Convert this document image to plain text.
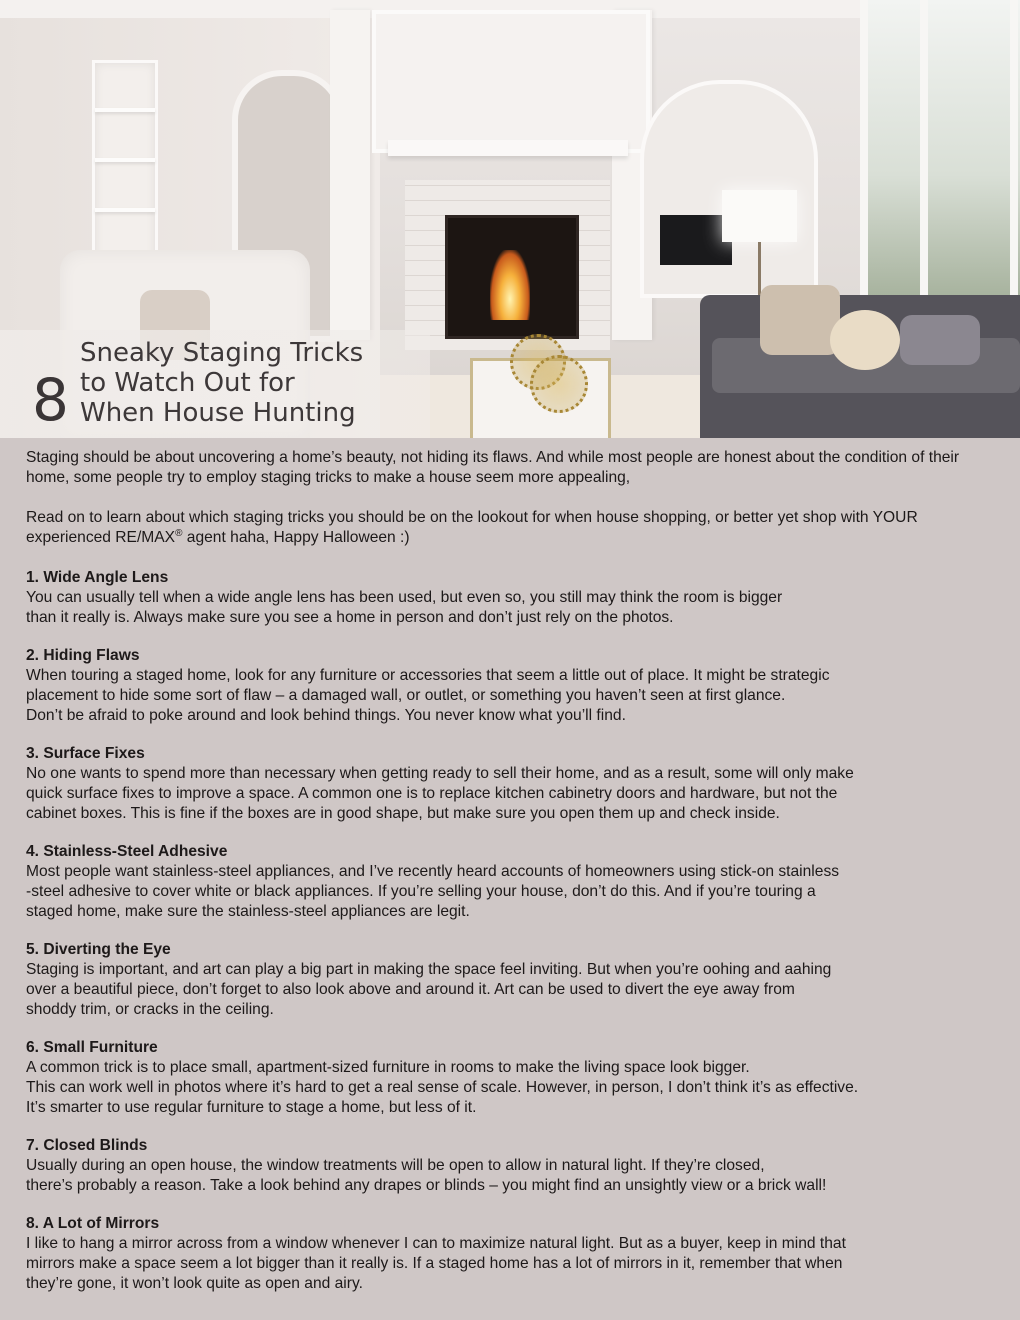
8
Sneaky Staging Tricks
to Watch Out for
When House Hunting

Staging should be about uncovering a home’s beauty, not hiding its flaws. And while most people are honest about the condition of their home, some people try to employ staging tricks to make a house seem more appealing,

Read on to learn about which staging tricks you should be on the lookout for when house shopping, or better yet shop with YOUR experienced RE/MAX® agent haha, Happy Halloween :)

1. Wide Angle Lens
You can usually tell when a wide angle lens has been used, but even so, you still may think the room is bigger
than it really is. Always make sure you see a home in person and don’t just rely on the photos.
2. Hiding Flaws
When touring a staged home, look for any furniture or accessories that seem a little out of place. It might be strategic
placement to hide some sort of flaw – a damaged wall, or outlet, or something you haven’t seen at first glance.
Don’t be afraid to poke around and look behind things. You never know what you’ll find.
3. Surface Fixes
No one wants to spend more than necessary when getting ready to sell their home, and as a result, some will only make
quick surface fixes to improve a space. A common one is to replace kitchen cabinetry doors and hardware, but not the
cabinet boxes. This is fine if the boxes are in good shape, but make sure you open them up and check inside.
4. Stainless-Steel Adhesive
Most people want stainless-steel appliances, and I’ve recently heard accounts of homeowners using stick-on stainless
-steel adhesive to cover white or black appliances. If you’re selling your house, don’t do this. And if you’re touring a
staged home, make sure the stainless-steel appliances are legit.
5. Diverting the Eye
Staging is important, and art can play a big part in making the space feel inviting. But when you’re oohing and aahing
over a beautiful piece, don’t forget to also look above and around it. Art can be used to divert the eye away from
shoddy trim, or cracks in the ceiling.
6. Small Furniture
A common trick is to place small, apartment-sized furniture in rooms to make the living space look bigger.
This can work well in photos where it’s hard to get a real sense of scale. However, in person, I don’t think it’s as effective.
It’s smarter to use regular furniture to stage a home, but less of it.
7. Closed Blinds
Usually during an open house, the window treatments will be open to allow in natural light. If they’re closed,
there’s probably a reason. Take a look behind any drapes or blinds – you might find an unsightly view or a brick wall!
8. A Lot of Mirrors
I like to hang a mirror across from a window whenever I can to maximize natural light. But as a buyer, keep in mind that
mirrors make a space seem a lot bigger than it really is. If a staged home has a lot of mirrors in it, remember that when
they’re gone, it won’t look quite as open and airy.
